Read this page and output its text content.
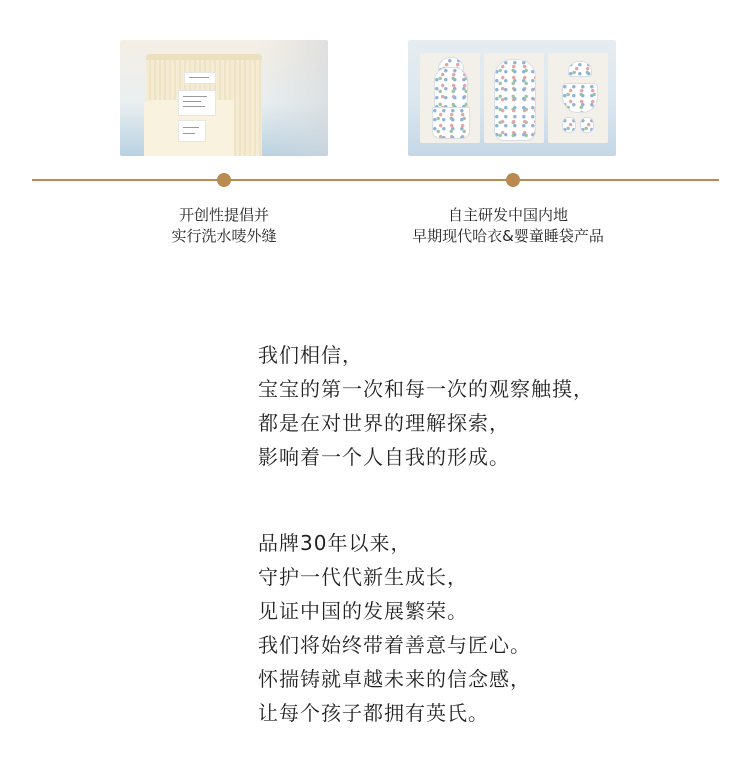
开创性提倡并
实行洗水唛外缝
自主研发中国内地
早期现代哈衣&婴童睡袋产品
我们相信，
宝宝的第一次和每一次的观察触摸，
都是在对世界的理解探索，
影响着一个人自我的形成。
品牌30年以来，
守护一代代新生成长，
见证中国的发展繁荣。
我们将始终带着善意与匠心。
怀揣铸就卓越未来的信念感，
让每个孩子都拥有英氏。
